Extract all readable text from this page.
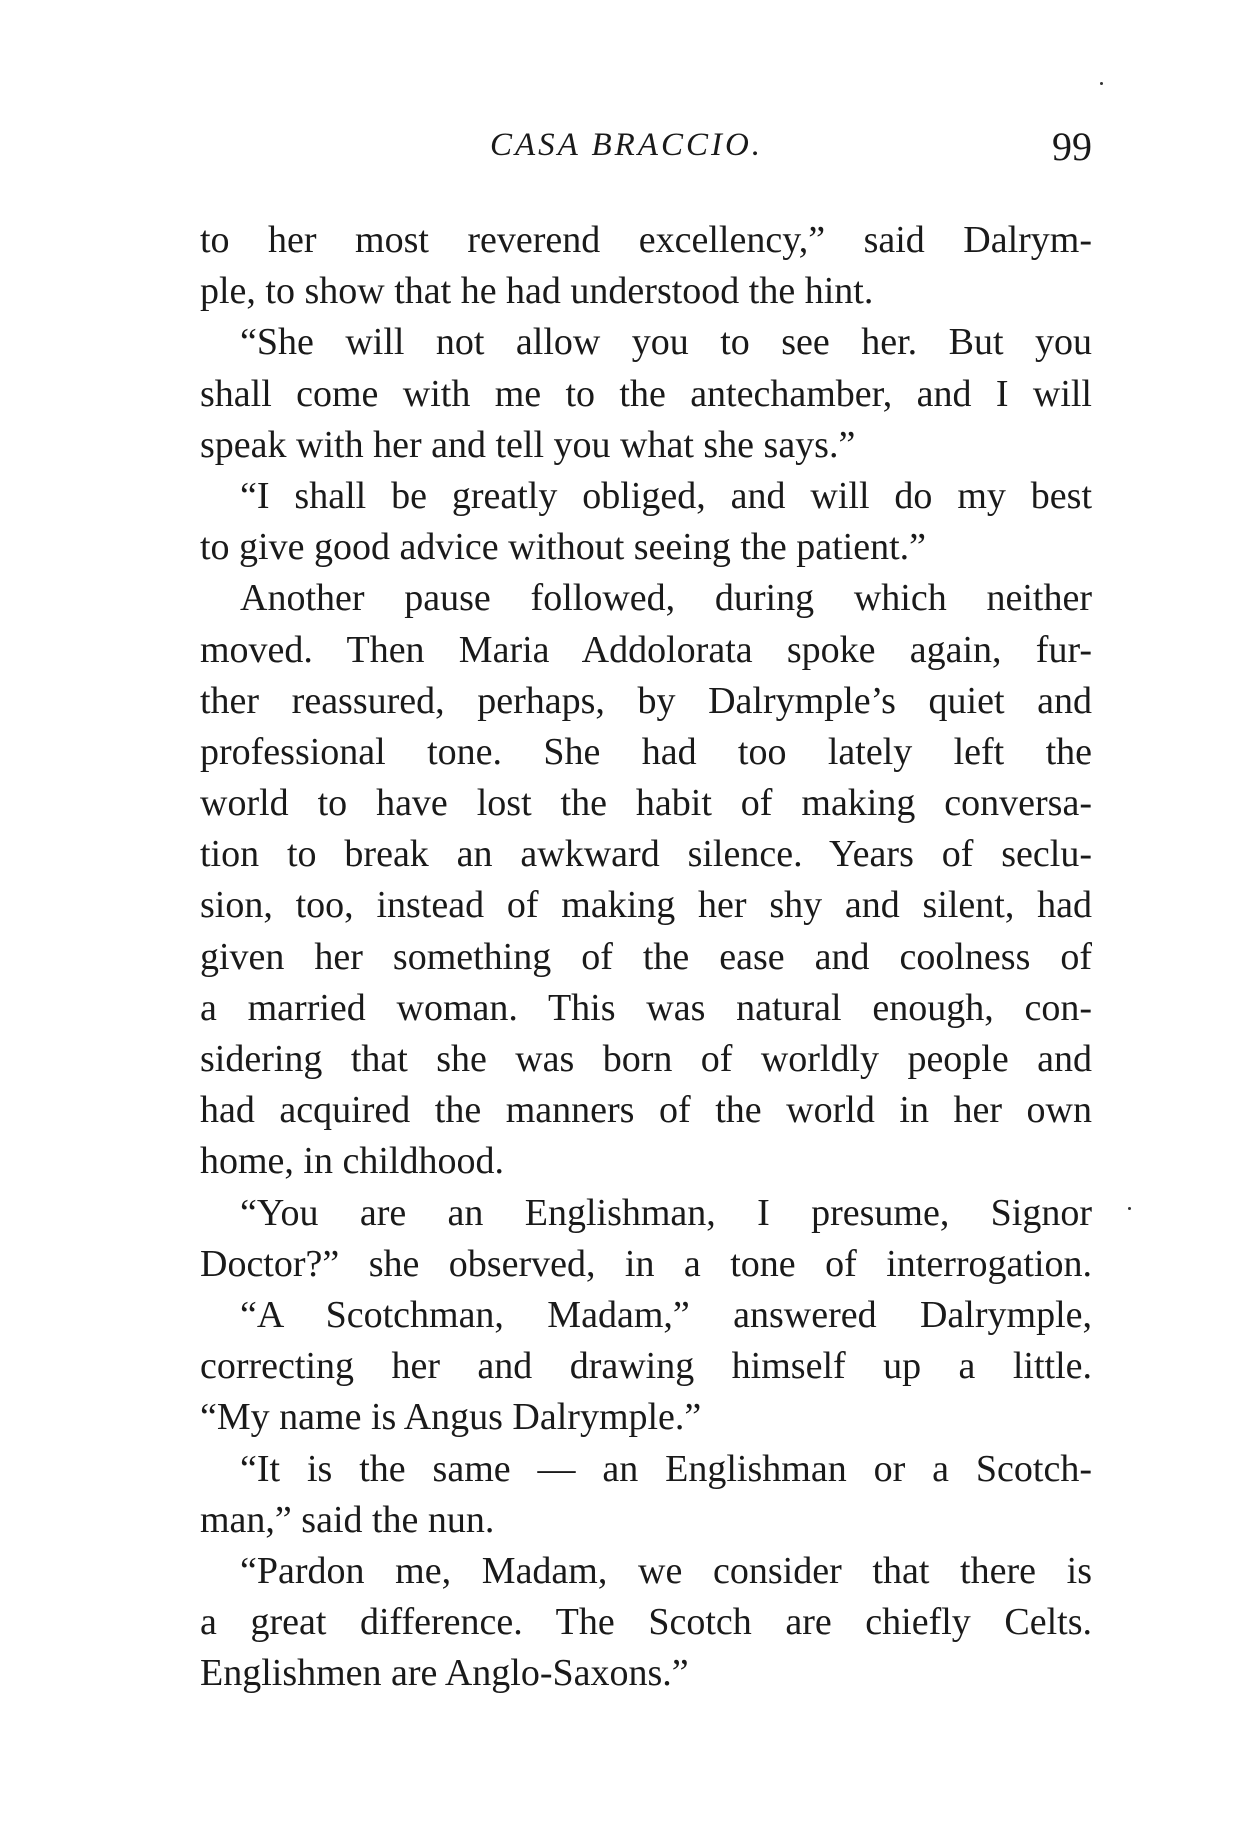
CASA BRACCIO.	99
to her most reverend excellency,” said Dalrym-
ple, to show that he had understood the hint.
“She will not allow you to see her. But you
shall come with me to the antechamber, and I will
speak with her and tell you what she says.”
“I shall be greatly obliged, and will do my best
to give good advice without seeing the patient.”
Another pause followed, during which neither
moved. Then Maria Addolorata spoke again, fur-
ther reassured, perhaps, by Dalrymple’s quiet and
professional tone. She had too lately left the
world to have lost the habit of making conversa-
tion to break an awkward silence. Years of seclu-
sion, too, instead of making her shy and silent, had
given her something of the ease and coolness of
a married woman. This was natural enough, con-
sidering that she was born of worldly people and
had acquired the manners of the world in her own
home, in childhood.
“You are an Englishman, I presume, Signor
Doctor?” she observed, in a tone of interrogation.
“A Scotchman, Madam,” answered Dalrymple,
correcting her and drawing himself up a little.
“My name is Angus Dalrymple.”
“It is the same — an Englishman or a Scotch-
man,” said the nun.
“Pardon me, Madam, we consider that there is
a great difference. The Scotch are chiefly Celts.
Englishmen are Anglo-Saxons.”
